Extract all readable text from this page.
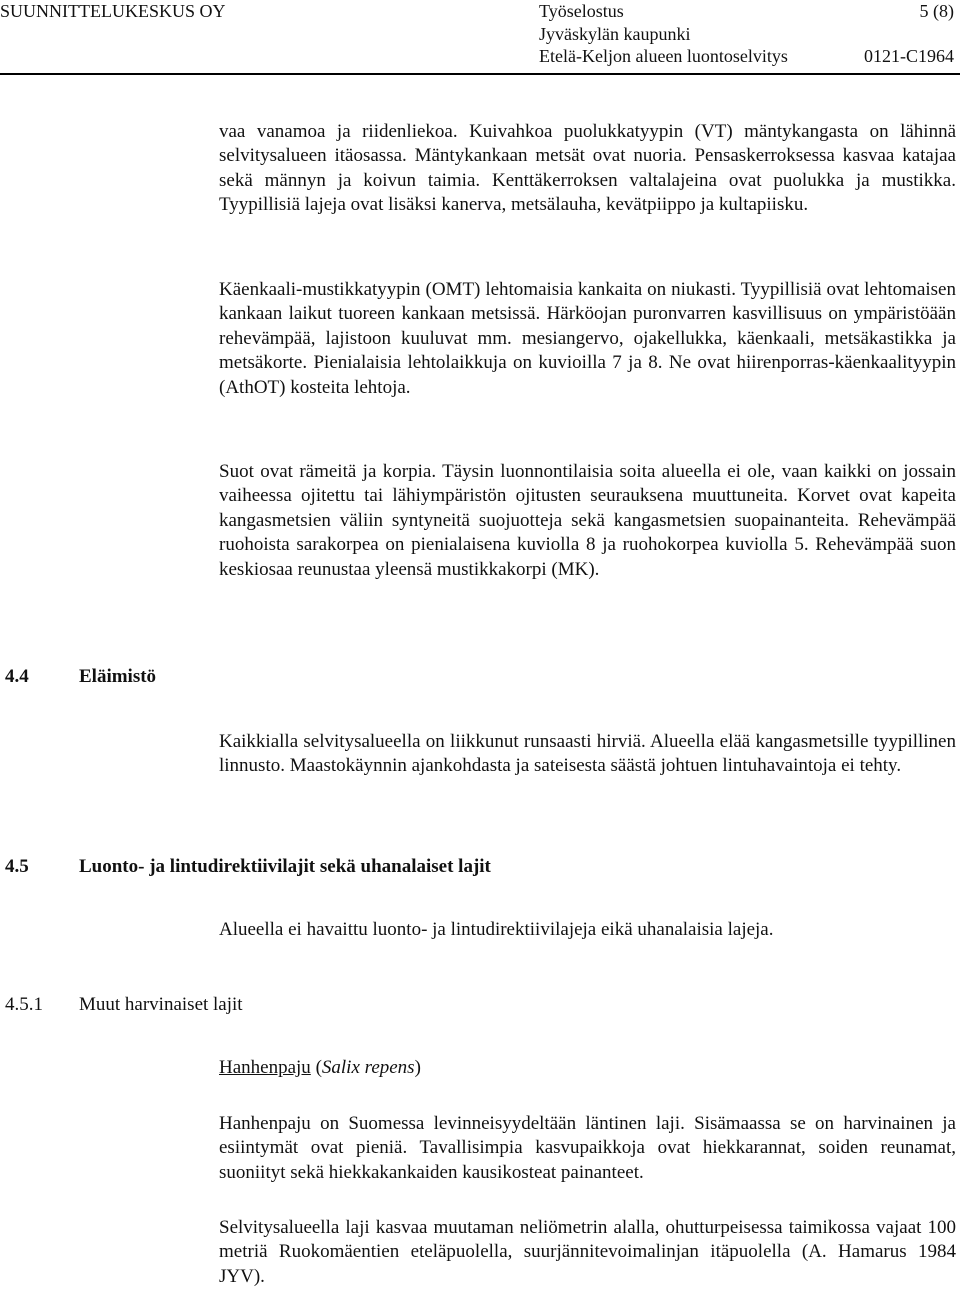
SUUNNITTELUKESKUS OY	Työselostus	5 (8)
Jyväskylän kaupunki
Etelä-Keljon alueen luontoselvitys	0121-C1964

vaa vanamoa ja riidenliekoa. Kuivahkoa puolukkatyypin (VT) mäntykangasta on lähinnä selvitysalueen itäosassa. Mäntykankaan metsät ovat nuoria. Pensaskerroksessa kasvaa katajaa sekä männyn ja koivun taimia. Kenttäkerroksen valtalajeina ovat puolukka ja mustikka. Tyypillisiä lajeja ovat lisäksi kanerva, metsälauha, kevätpiippo ja kultapiisku.

Käenkaali-mustikkatyypin (OMT) lehtomaisia kankaita on niukasti. Tyypillisiä ovat lehtomaisen kankaan laikut tuoreen kankaan metsissä. Härköojan puronvarren kasvillisuus on ympäristöään rehevämpää, lajistoon kuuluvat mm. mesiangervo, ojakellukka, käenkaali, metsäkastikka ja metsäkorte. Pienialaisia lehtolaikkuja on kuvioilla 7 ja 8. Ne ovat hiirenporras-käenkaalityypin (AthOT) kosteita lehtoja.

Suot ovat rämeitä ja korpia. Täysin luonnontilaisia soita alueella ei ole, vaan kaikki on jossain vaiheessa ojitettu tai lähiympäristön ojitusten seurauksena muuttuneita. Korvet ovat kapeita kangasmetsien väliin syntyneitä suojuotteja sekä kangasmetsien suopainanteita. Rehevämpää ruohoista sarakorpea on pienialaisena kuviolla 8 ja ruohokorpea kuviolla 5. Rehevämpää suon keskiosaa reunustaa yleensä mustikkakorpi (MK).

4.4	Eläimistö

Kaikkialla selvitysalueella on liikkunut runsaasti hirviä. Alueella elää kangasmetsille tyypillinen linnusto. Maastokäynnin ajankohdasta ja sateisesta säästä johtuen lintuhavaintoja ei tehty.

4.5	Luonto- ja lintudirektiivilajit sekä uhanalaiset lajit

Alueella ei havaittu luonto- ja lintudirektiivilajeja eikä uhanalaisia lajeja.

4.5.1 Muut harvinaiset lajit

Hanhenpaju (Salix repens)

Hanhenpaju on Suomessa levinneisyydeltään läntinen laji. Sisämaassa se on harvinainen ja esiintymät ovat pieniä. Tavallisimpia kasvupaikkoja ovat hiekkarannat, soiden reunamat, suoniityt sekä hiekkakankaiden kausikosteat painanteet.

Selvitysalueella laji kasvaa muutaman neliömetrin alalla, ohutturpeisessa taimikossa vajaat 100 metriä Ruokomäentien eteläpuolella, suurjännitevoimalinjan itäpuolella (A. Hamarus 1984 JYV).
